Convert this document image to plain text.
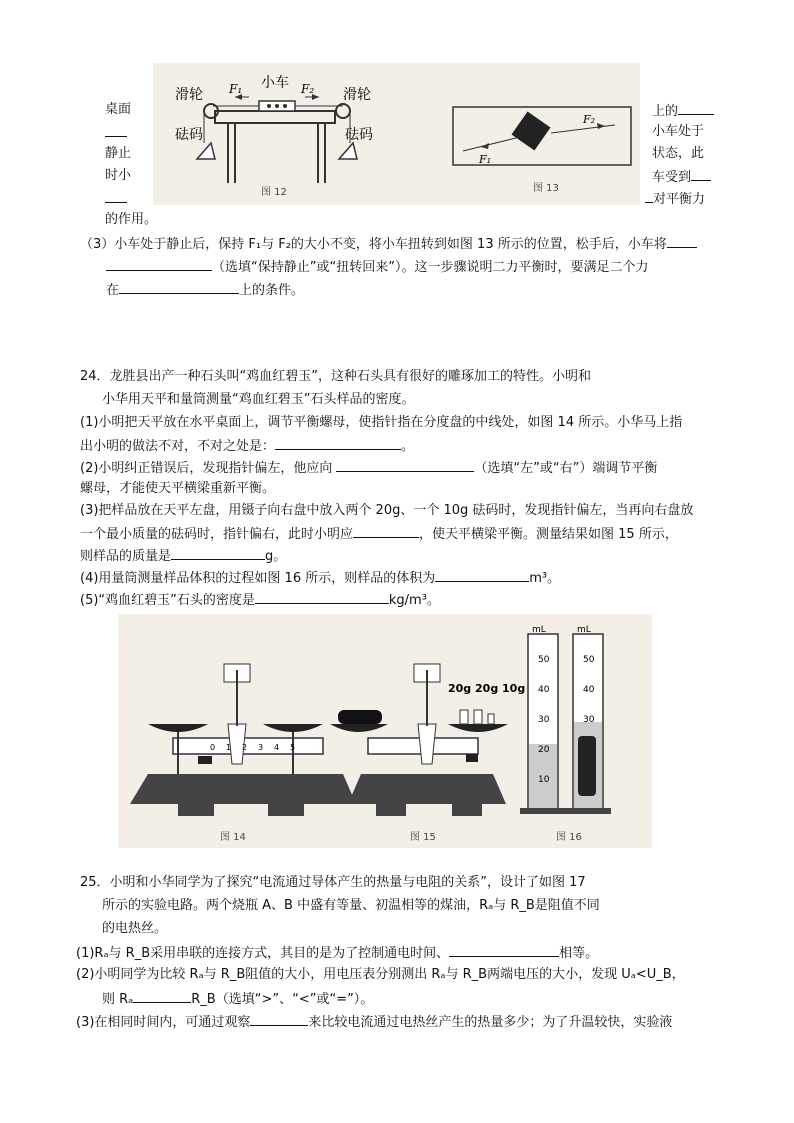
桌面
静止
时小
滑轮	滑轮
小车
F₁	F₂
砝码	砝码
图 12
F₁
F₂
图 13
上的
小车处于
状态，此
车受到
对平衡力
的作用。
（3）小车处于静止后，保持 F₁与 F₂的大小不变，将小车扭转到如图 13 所示的位置，松手后，小车将
（选填“保持静止”或“扭转回来”）。这一步骤说明二力平衡时，要满足二个力
在	上的条件。
24．龙胜县出产一种石头叫“鸡血红碧玉”，这种石头具有很好的雕琢加工的特性。小明和
小华用天平和量筒测量“鸡血红碧玉”石头样品的密度。
(1)小明把天平放在水平桌面上，调节平衡螺母，使指针指在分度盘的中线处，如图 14 所示。小华马上指
出小明的做法不对，不对之处是：	。
(2)小明纠正错误后，发现指针偏左，他应向	（选填“左”或“右”）端调节平衡
螺母，才能使天平横梁重新平衡。
(3)把样品放在天平左盘，用镊子向右盘中放入两个 20g、一个 10g 砝码时，发现指针偏左，当再向右盘放
一个最小质量的砝码时，指针偏右，此时小明应	，使天平横梁平衡。测量结果如图 15 所示，
则样品的质量是	g。
(4)用量筒测量样品体积的过程如图 16 所示，则样品的体积为	m³。
(5)“鸡血红碧玉”石头的密度是	kg/m³。
20g 20g 10g
0 1 2 3 4 5
mL	mL
50
40
30
20
10
50
40
30
图 14	图 15	图 16
25．小明和小华同学为了探究“电流通过导体产生的热量与电阻的关系”，设计了如图 17
所示的实验电路。两个烧瓶 A、B 中盛有等量、初温相等的煤油，Rₐ与 R_B是阻值不同
的电热丝。
(1)Rₐ与 R_B采用串联的连接方式，其目的是为了控制通电时间、	相等。
(2)小明同学为比较 Rₐ与 R_B阻值的大小，用电压表分别测出 Rₐ与 R_B两端电压的大小，发现 Uₐ<U_B，
则 Rₐ	R_B（选填“>”、“<”或“=”）。
(3)在相同时间内，可通过观察	来比较电流通过电热丝产生的热量多少；为了升温较快，实验液
